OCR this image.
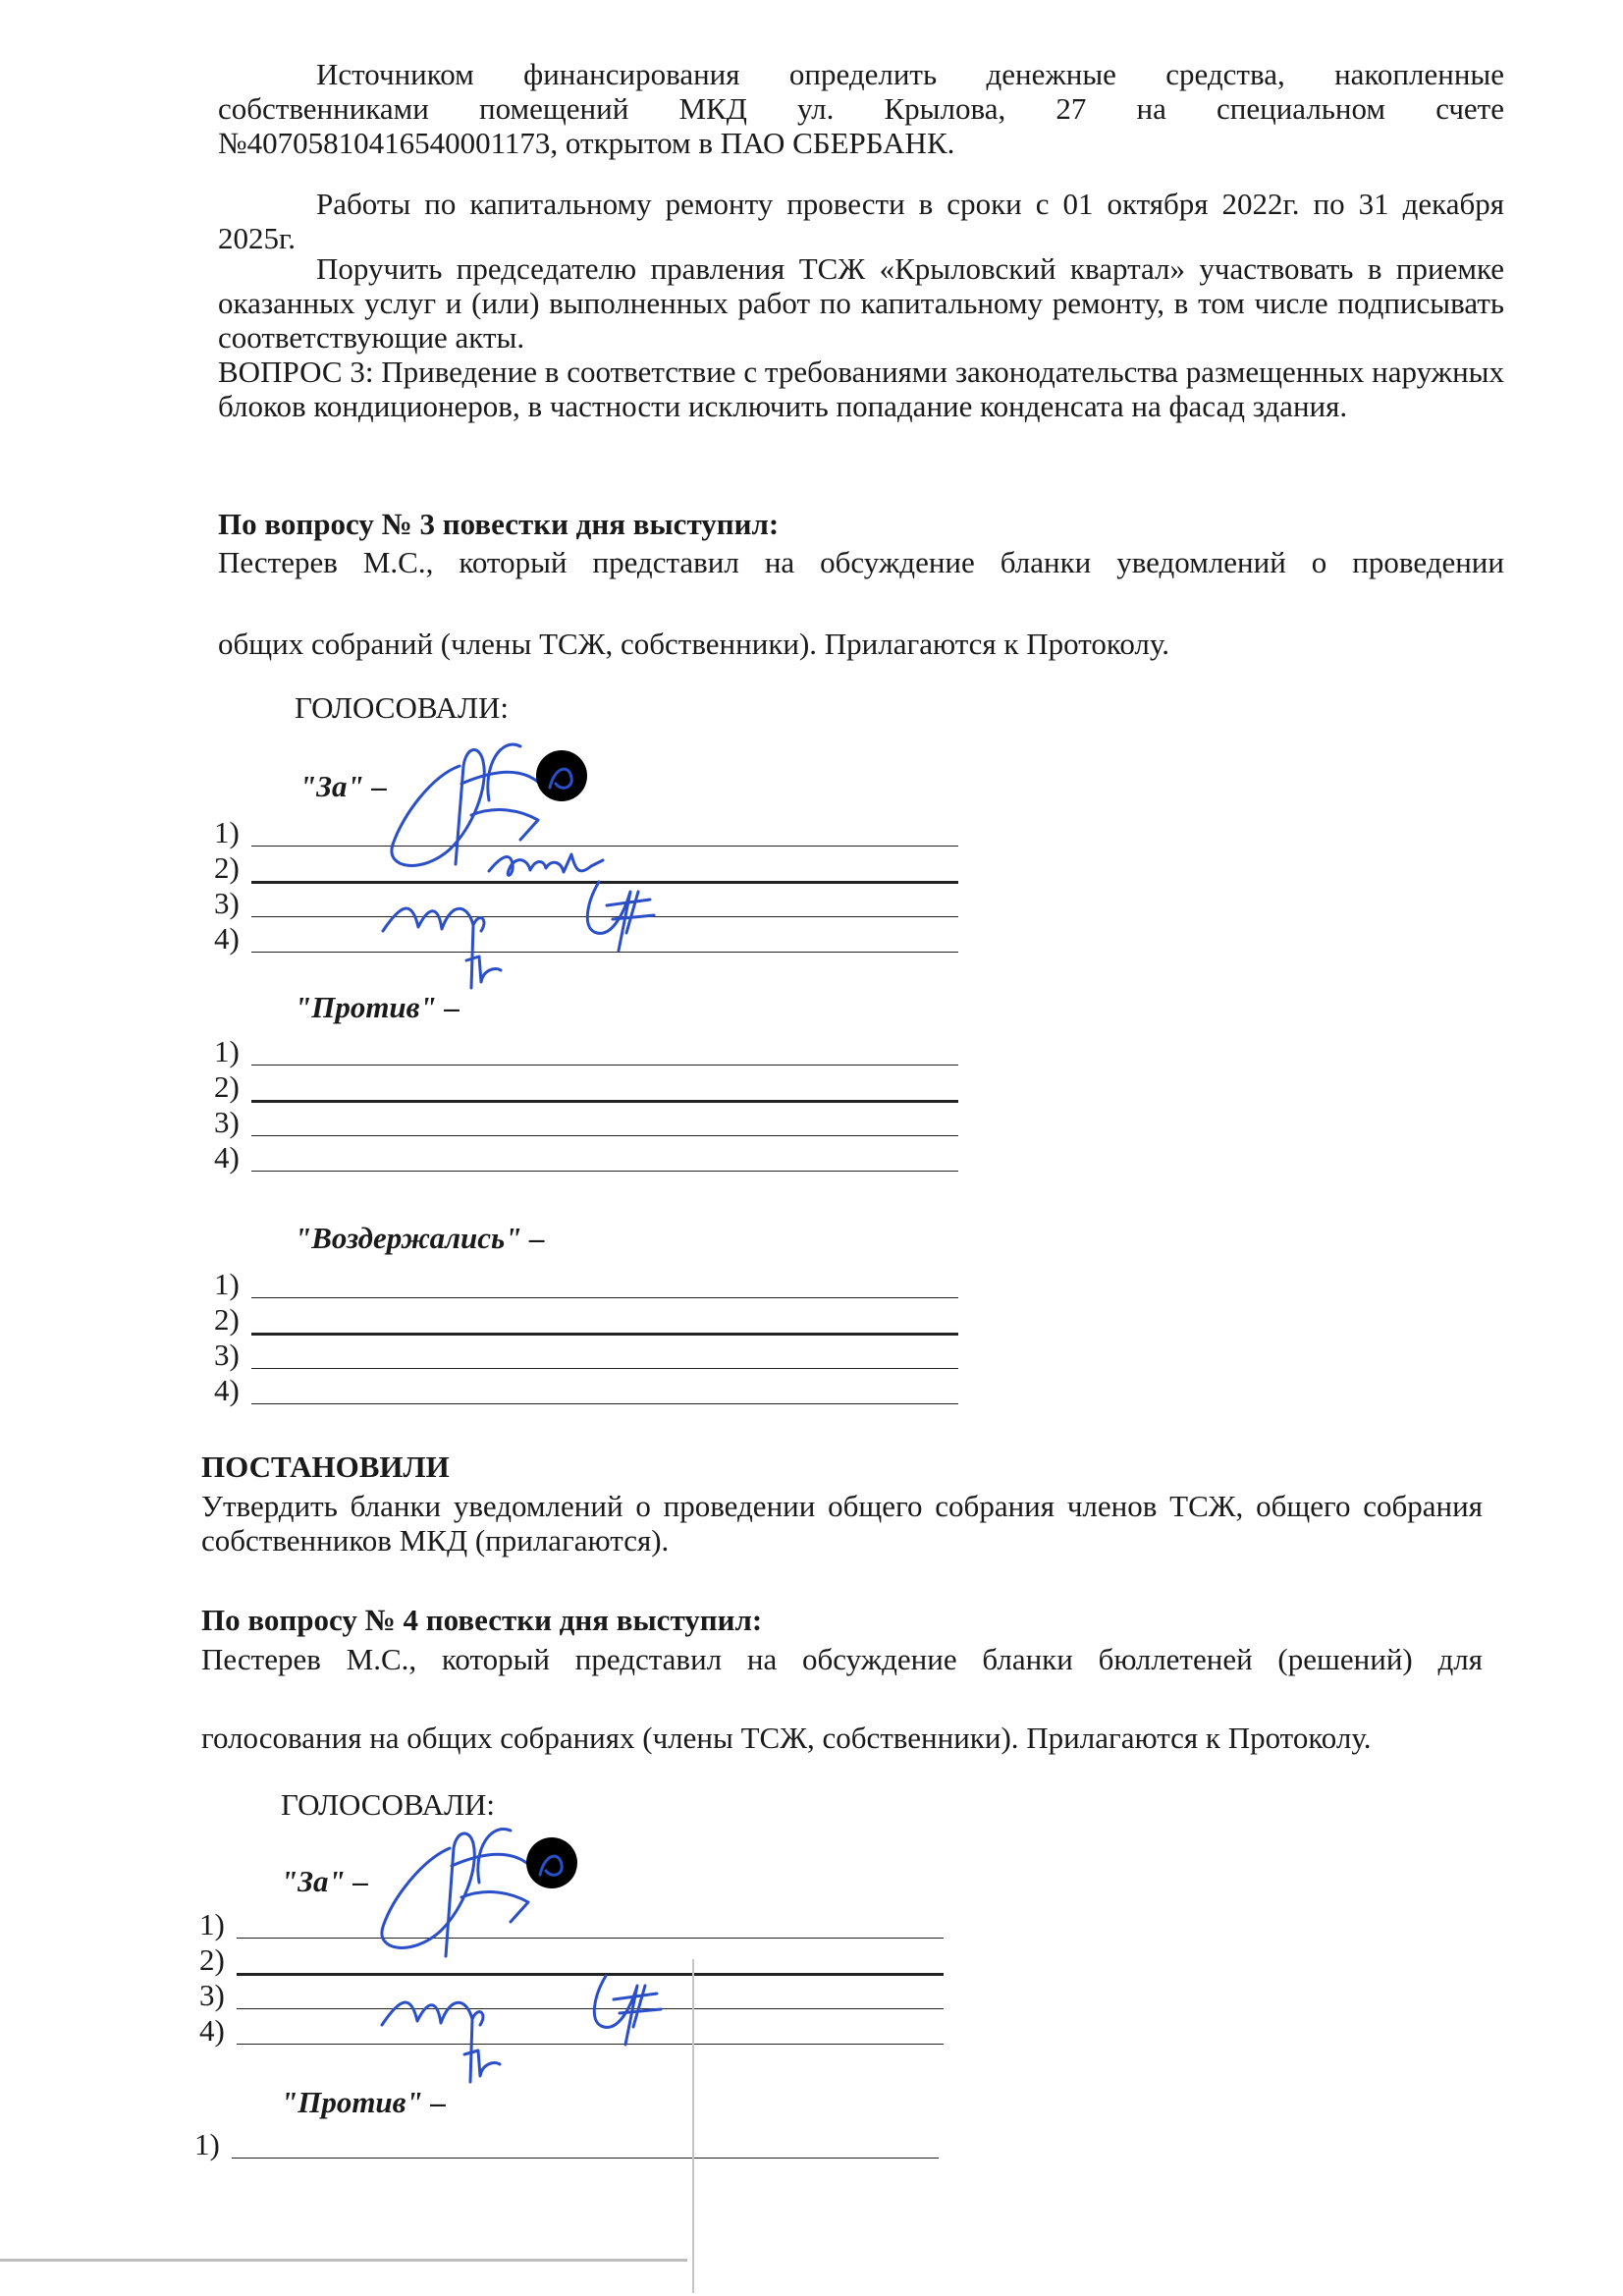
Источником финансирования определить денежные средства, накопленные собственниками помещений МКД ул. Крылова, 27 на специальном счете №40705810416540001173, открытом в ПАО СБЕРБАНК.
Работы по капитальному ремонту провести в сроки с 01 октября 2022г. по 31 декабря 2025г.
Поручить председателю правления ТСЖ «Крыловский квартал» участвовать в приемке оказанных услуг и (или) выполненных работ по капитальному ремонту, в том числе подписывать соответствующие акты.
ВОПРОС 3: Приведение в соответствие с требованиями законодательства размещенных наружных блоков кондиционеров, в частности исключить попадание конденсата на фасад здания.
По вопросу № 3 повестки дня выступил:
Пестерев М.С., который представил на обсуждение бланки уведомлений о проведении
общих собраний (члены ТСЖ, собственники). Прилагаются к Протоколу.
ГОЛОСОВАЛИ:
"За" –
1)
2)
3)
4)
"Против" –
1)
2)
3)
4)
"Воздержались" –
1)
2)
3)
4)
ПОСТАНОВИЛИ
Утвердить бланки уведомлений о проведении общего собрания членов ТСЖ, общего собрания собственников МКД (прилагаются).
По вопросу № 4 повестки дня выступил:
Пестерев М.С., который представил на обсуждение бланки бюллетеней (решений) для
голосования на общих собраниях (члены ТСЖ, собственники). Прилагаются к Протоколу.
ГОЛОСОВАЛИ:
"За" –
1)
2)
3)
4)
"Против" –
1)
